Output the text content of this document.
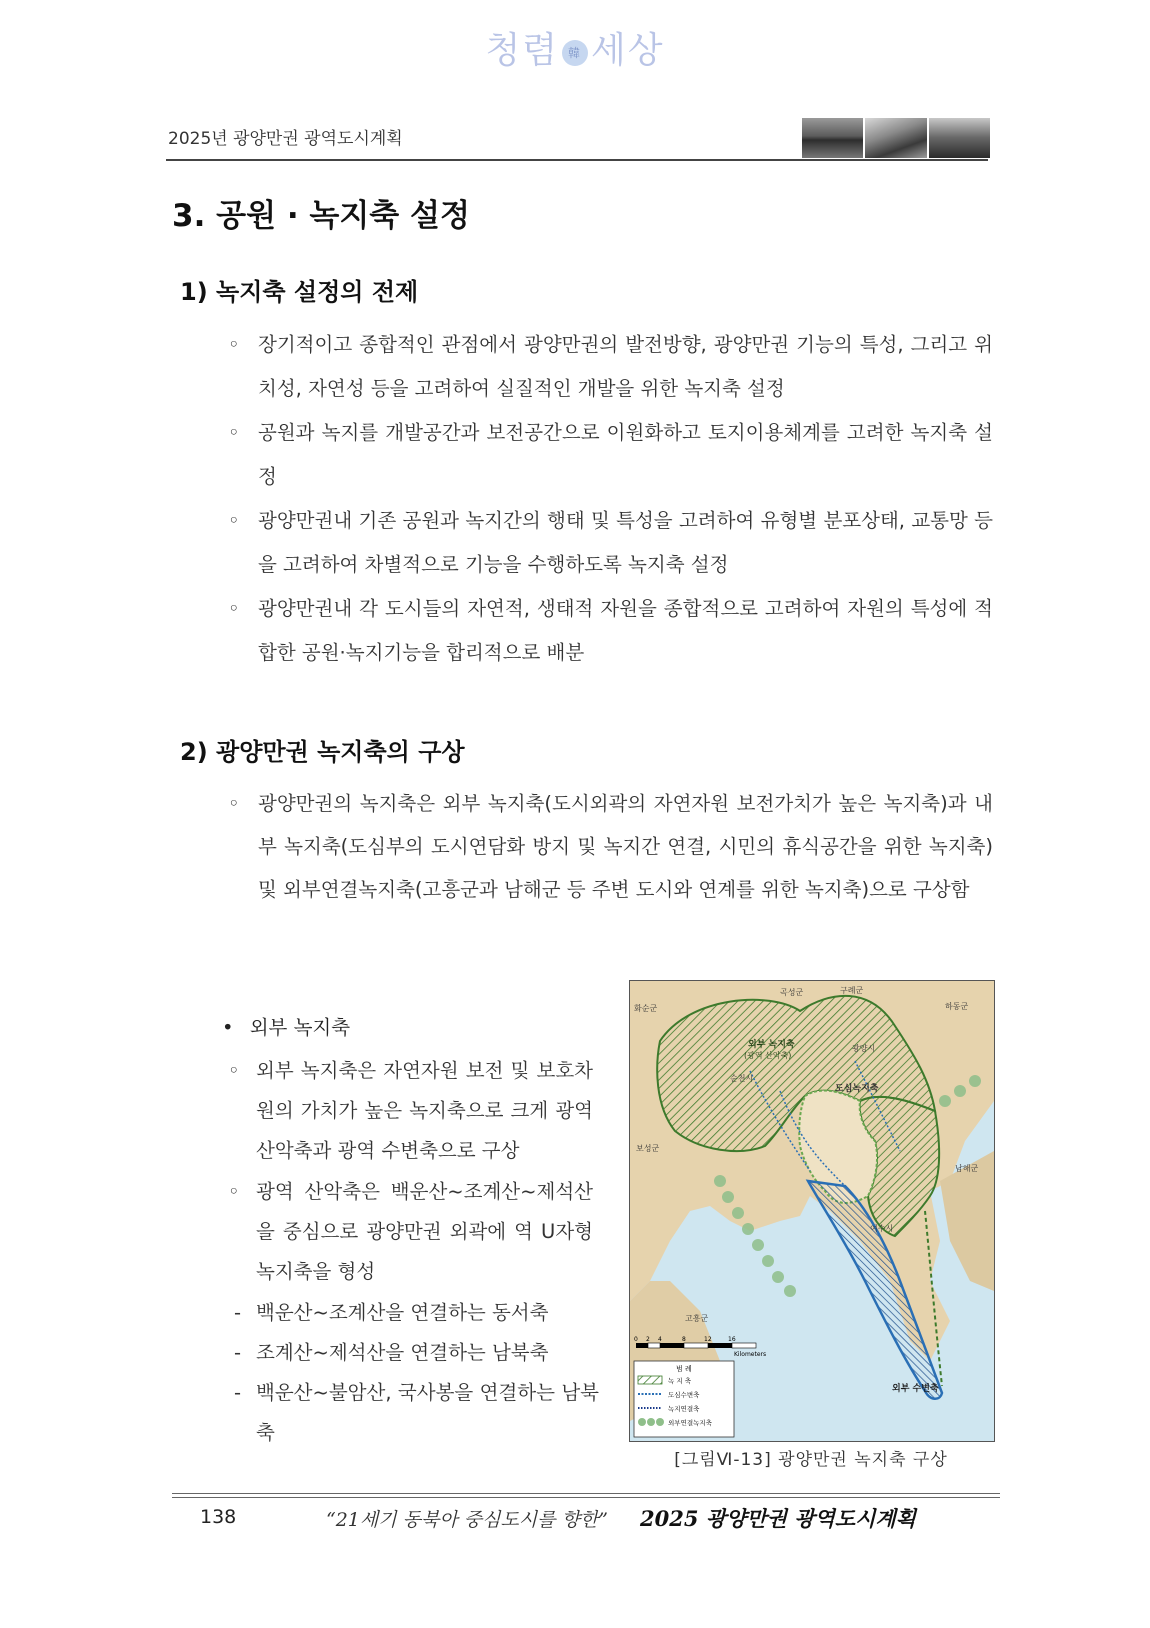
청렴 韓 세상
2025년 광양만권 광역도시계획
3. 공원 · 녹지축 설정
1) 녹지축 설정의 전제
◦ 장기적이고 종합적인 관점에서 광양만권의 발전방향, 광양만권 기능의 특성, 그리고 위치성, 자연성 등을 고려하여 실질적인 개발을 위한 녹지축 설정
◦ 공원과 녹지를 개발공간과 보전공간으로 이원화하고 토지이용체계를 고려한 녹지축 설정
◦ 광양만권내 기존 공원과 녹지간의 행태 및 특성을 고려하여 유형별 분포상태, 교통망 등을 고려하여 차별적으로 기능을 수행하도록 녹지축 설정
◦ 광양만권내 각 도시들의 자연적, 생태적 자원을 종합적으로 고려하여 자원의 특성에 적합한 공원·녹지기능을 합리적으로 배분
2) 광양만권 녹지축의 구상
◦ 광양만권의 녹지축은 외부 녹지축(도시외곽의 자연자원 보전가치가 높은 녹지축)과 내부 녹지축(도심부의 도시연담화 방지 및 녹지간 연결, 시민의 휴식공간을 위한 녹지축) 및 외부연결녹지축(고흥군과 남해군 등 주변 도시와 연계를 위한 녹지축)으로 구상함
• 외부 녹지축
◦ 외부 녹지축은 자연자원 보전 및 보호차원의 가치가 높은 녹지축으로 크게 광역 산악축과 광역 수변축으로 구상
◦ 광역 산악축은 백운산~조계산~제석산을 중심으로 광양만권 외곽에 역 U자형 녹지축을 형성
- 백운산~조계산을 연결하는 동서축
- 조계산~제석산을 연결하는 남북축
- 백운산~불암산, 국사봉을 연결하는 남북축
곡성군	구례군
화순군	하동군
외부 녹지축
(광역 산악축)
순천시
광양시
도심녹지축
보성군
남해군
여수시
고흥군
외부 수변축
0 2 4	8	12	16
Kilometers
범 례
녹 지 축
도심수변축
녹지연결축
외부연결녹지축
[그림Ⅵ-13] 광양만권 녹지축 구상
138	“21세기 동북아 중심도시를 향한” 2025 광양만권 광역도시계획
